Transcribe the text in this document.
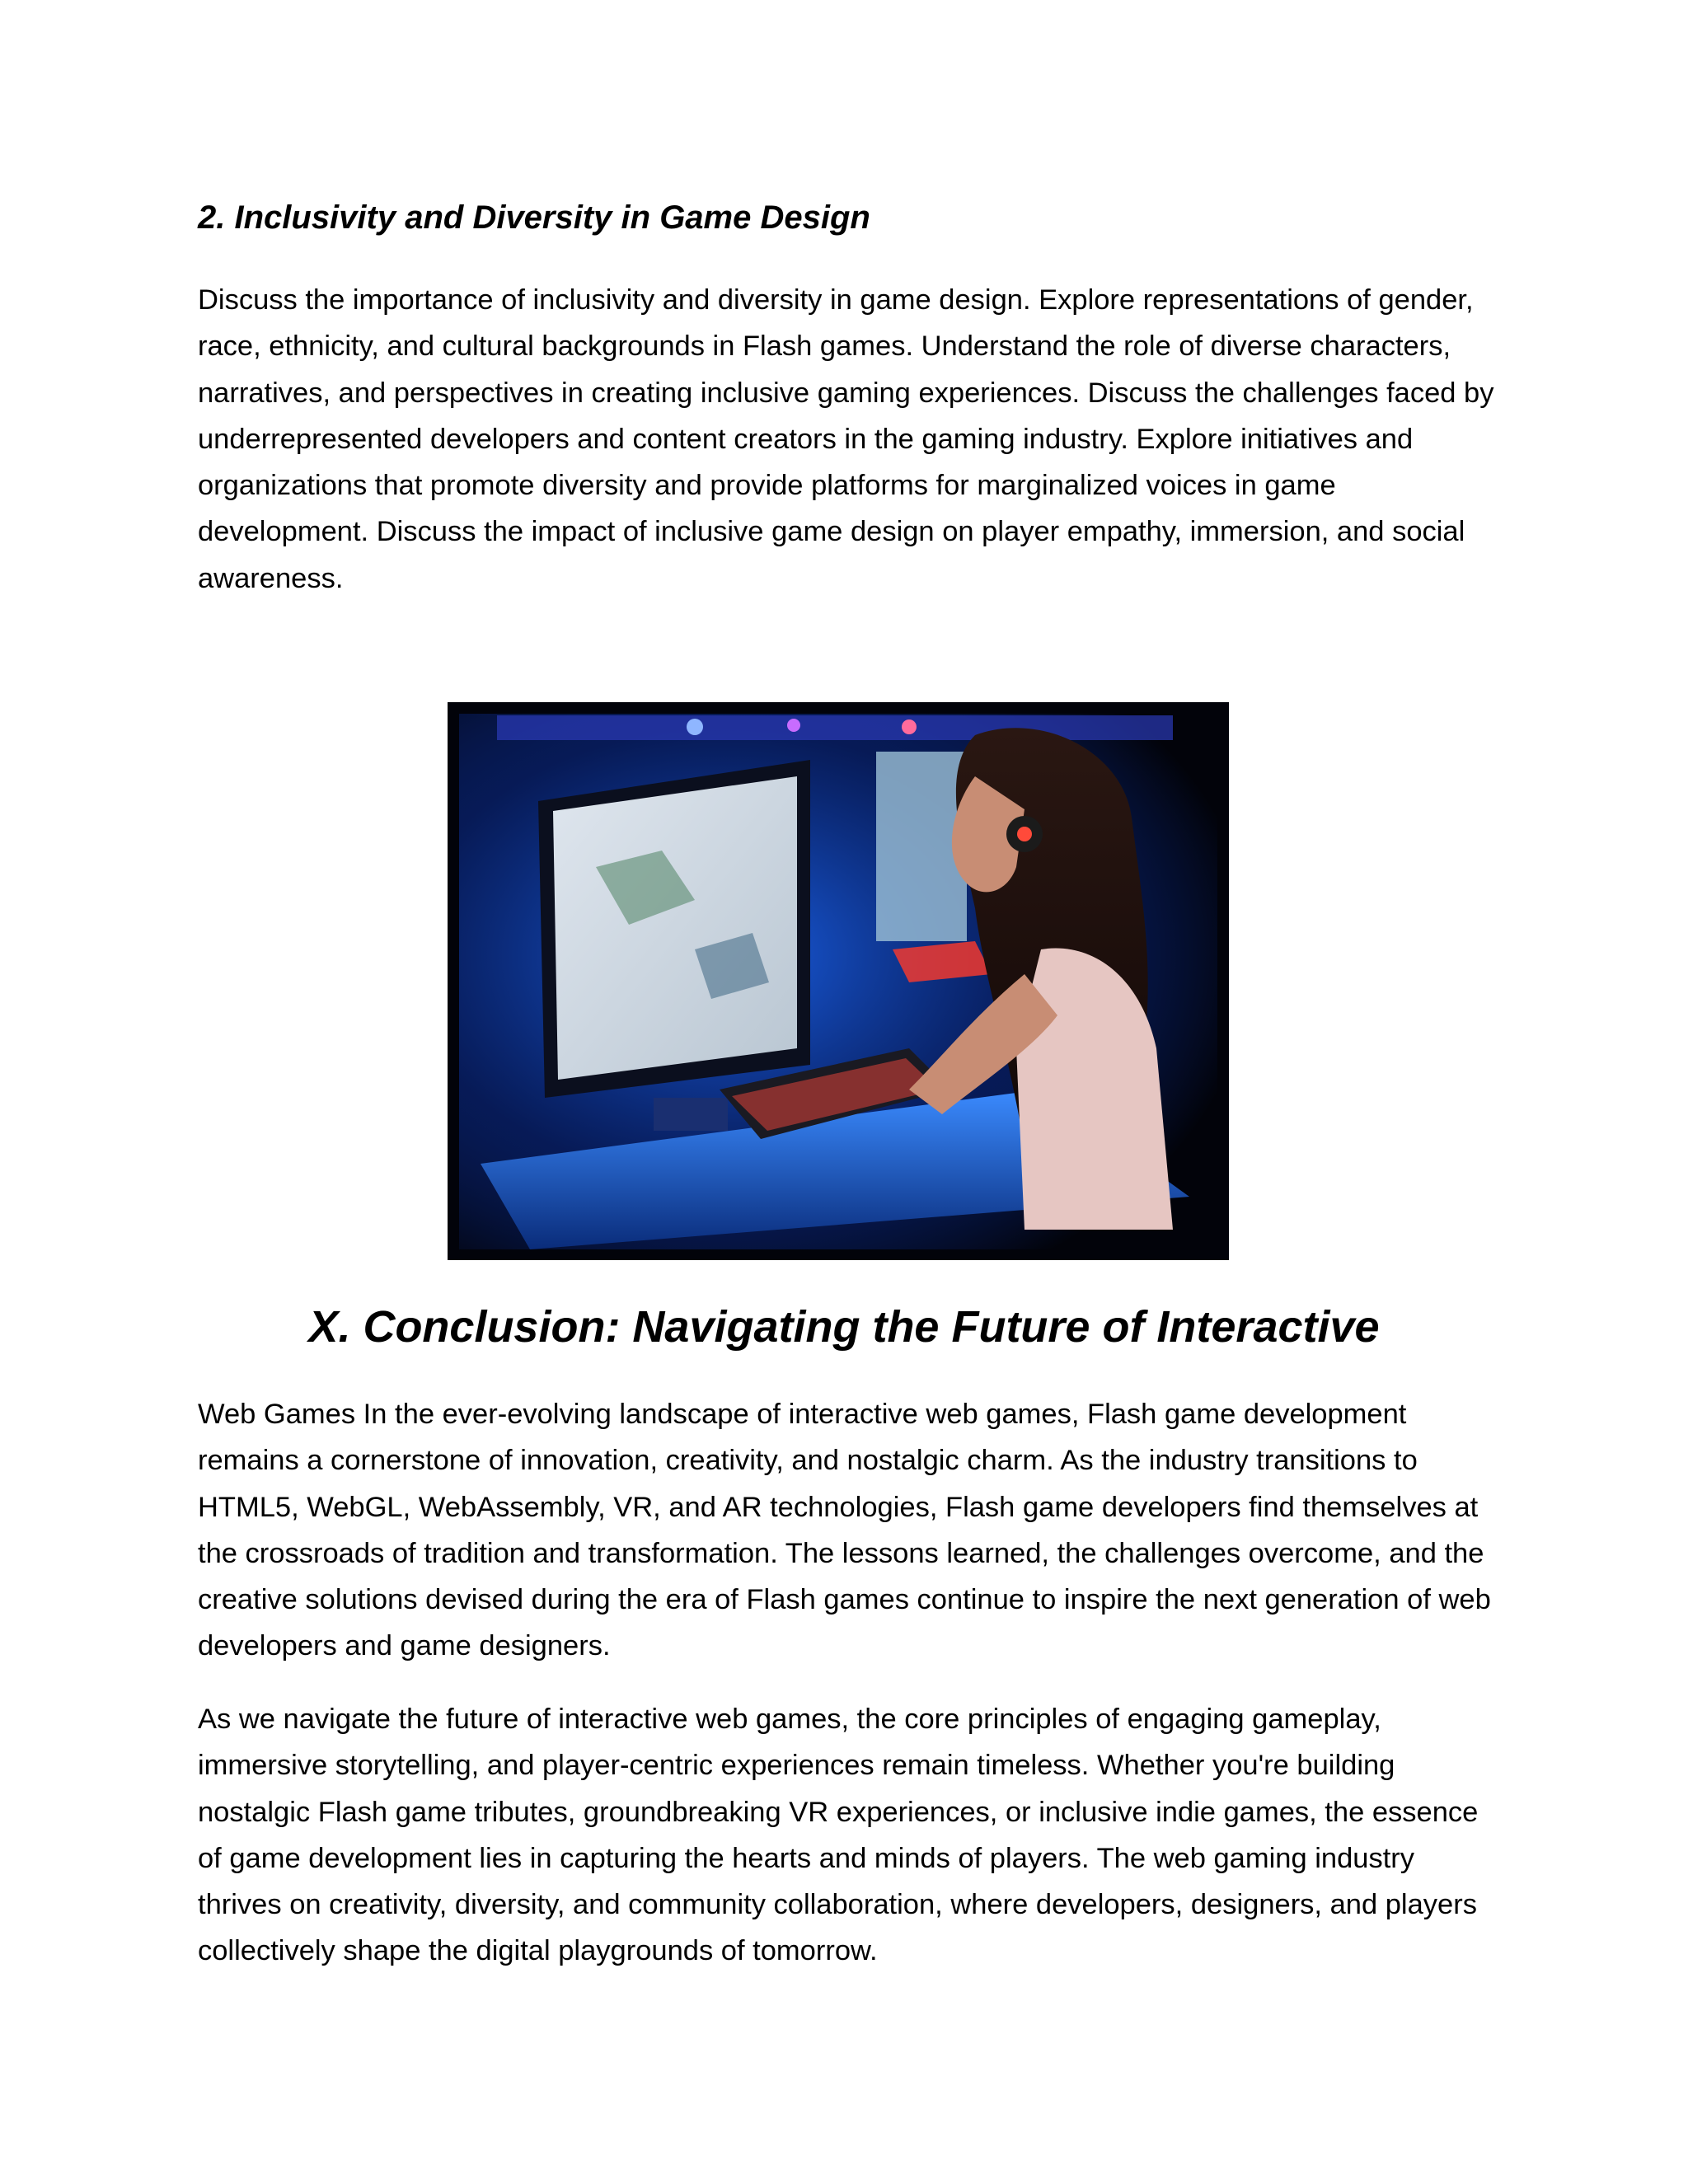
2. Inclusivity and Diversity in Game Design

Discuss the importance of inclusivity and diversity in game design. Explore representations of gender, race, ethnicity, and cultural backgrounds in Flash games. Understand the role of diverse characters, narratives, and perspectives in creating inclusive gaming experiences. Discuss the challenges faced by underrepresented developers and content creators in the gaming industry. Explore initiatives and organizations that promote diversity and provide platforms for marginalized voices in game development. Discuss the impact of inclusive game design on player empathy, immersion, and social awareness.

X. Conclusion: Navigating the Future of Interactive

Web Games In the ever-evolving landscape of interactive web games, Flash game development remains a cornerstone of innovation, creativity, and nostalgic charm. As the industry transitions to HTML5, WebGL, WebAssembly, VR, and AR technologies, Flash game developers find themselves at the crossroads of tradition and transformation. The lessons learned, the challenges overcome, and the creative solutions devised during the era of Flash games continue to inspire the next generation of web developers and game designers.

As we navigate the future of interactive web games, the core principles of engaging gameplay, immersive storytelling, and player-centric experiences remain timeless. Whether you're building nostalgic Flash game tributes, groundbreaking VR experiences, or inclusive indie games, the essence of game development lies in capturing the hearts and minds of players. The web gaming industry thrives on creativity, diversity, and community collaboration, where developers, designers, and players collectively shape the digital playgrounds of tomorrow.
